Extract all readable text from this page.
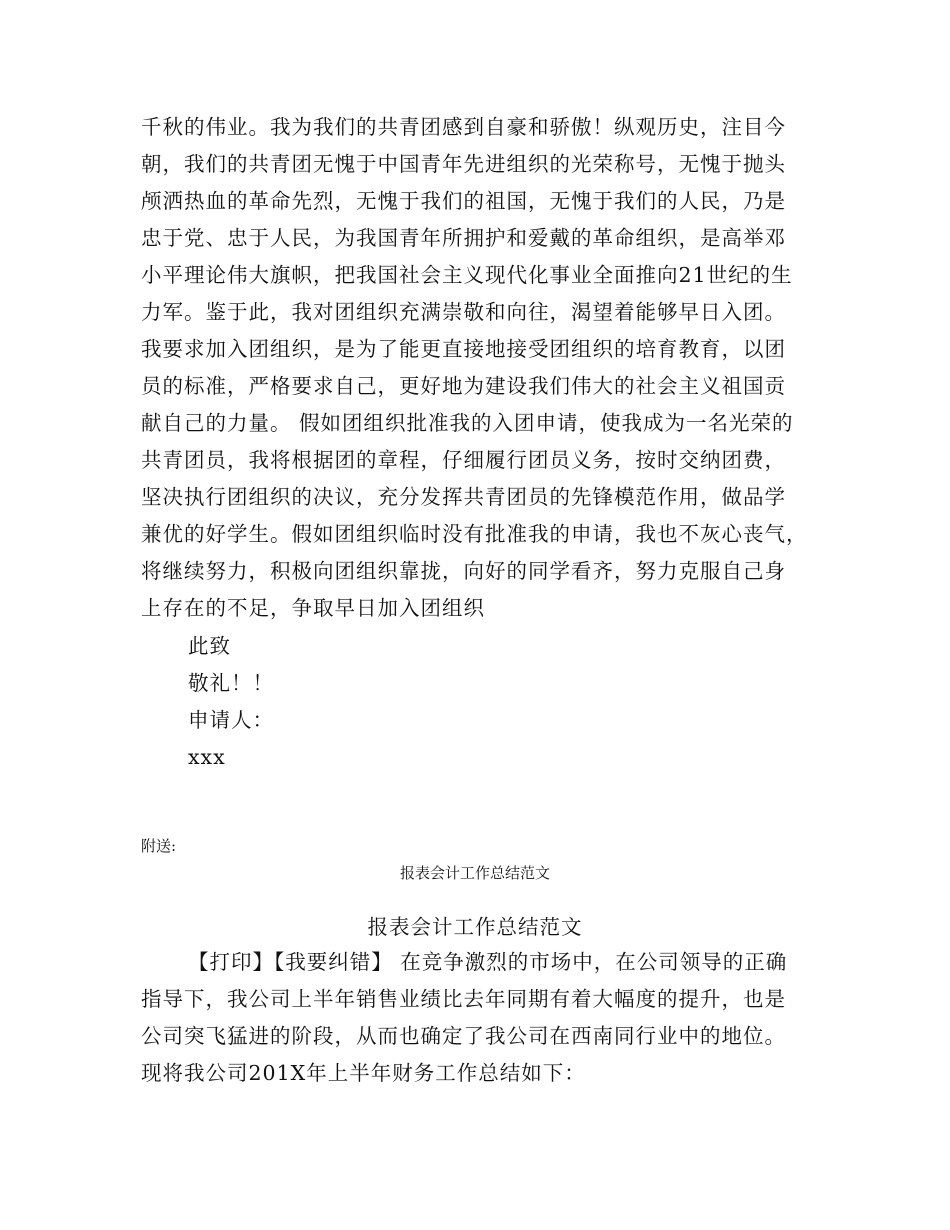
千秋的伟业。我为我们的共青团感到自豪和骄傲！纵观历史，注目今
朝，我们的共青团无愧于中国青年先进组织的光荣称号，无愧于抛头
颅洒热血的革命先烈，无愧于我们的祖国，无愧于我们的人民，乃是
忠于党、忠于人民，为我国青年所拥护和爱戴的革命组织，是高举邓
小平理论伟大旗帜，把我国社会主义现代化事业全面推向21世纪的生
力军。鉴于此，我对团组织充满崇敬和向往，渴望着能够早日入团。
我要求加入团组织，是为了能更直接地接受团组织的培育教育，以团
员的标准，严格要求自己，更好地为建设我们伟大的社会主义祖国贡
献自己的力量。 假如团组织批准我的入团申请，使我成为一名光荣的
共青团员，我将根据团的章程，仔细履行团员义务，按时交纳团费，
坚决执行团组织的决议，充分发挥共青团员的先锋模范作用，做品学
兼优的好学生。假如团组织临时没有批准我的申请，我也不灰心丧气，
将继续努力，积极向团组织靠拢，向好的同学看齐，努力克服自己身
上存在的不足，争取早日加入团组织
此致
敬礼！！
申请人：
xxx
附送:
报表会计工作总结范文
报表会计工作总结范文
【打印】【我要纠错】 在竞争激烈的市场中，在公司领导的正确
指导下，我公司上半年销售业绩比去年同期有着大幅度的提升，也是
公司突飞猛进的阶段，从而也确定了我公司在西南同行业中的地位。
现将我公司201X年上半年财务工作总结如下：
